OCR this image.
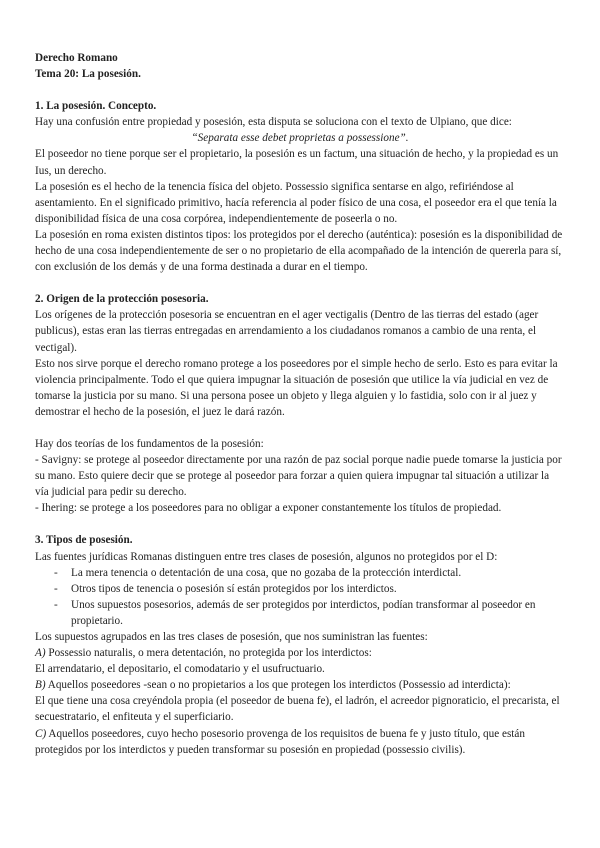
Derecho Romano

Tema 20: La posesión.

1. La posesión. Concepto.

Hay una confusión entre propiedad y posesión, esta disputa se soluciona con el texto de Ulpiano, que dice:

“Separata esse debet proprietas a possessione”.

El poseedor no tiene porque ser el propietario, la posesión es un factum, una situación de hecho, y la propiedad es un Ius, un derecho.

La posesión es el hecho de la tenencia física del objeto. Possessio significa sentarse en algo, refiriéndose al asentamiento. En el significado primitivo, hacía referencia al poder físico de una cosa, el poseedor era el que tenía la disponibilidad física de una cosa corpórea, independientemente de poseerla o no.

La posesión en roma existen distintos tipos: los protegidos por el derecho (auténtica): posesión es la disponibilidad de hecho de una cosa independientemente de ser o no propietario de ella acompañado de la intención de quererla para sí, con exclusión de los demás y de una forma destinada a durar en el tiempo.

2. Origen de la protección posesoria.

Los orígenes de la protección posesoria se encuentran en el ager vectigalis (Dentro de las tierras del estado (ager publicus), estas eran las tierras entregadas en arrendamiento a los ciudadanos romanos a cambio de una renta, el vectigal).

Esto nos sirve porque el derecho romano protege a los poseedores por el simple hecho de serlo. Esto es para evitar la violencia principalmente. Todo el que quiera impugnar la situación de posesión que utilice la vía judicial en vez de tomarse la justicia por su mano. Si una persona posee un objeto y llega alguien y lo fastidia, solo con ir al juez y demostrar el hecho de la posesión, el juez le dará razón.

Hay dos teorías de los fundamentos de la posesión:

- Savigny: se protege al poseedor directamente por una razón de paz social porque nadie puede tomarse la justicia por su mano. Esto quiere decir que se protege al poseedor para forzar a quien quiera impugnar tal situación a utilizar la vía judicial para pedir su derecho.

- Ihering: se protege a los poseedores para no obligar a exponer constantemente los títulos de propiedad.

3. Tipos de posesión.

Las fuentes jurídicas Romanas distinguen entre tres clases de posesión, algunos no protegidos por el D:

- La mera tenencia o detentación de una cosa, que no gozaba de la protección interdictal.
- Otros tipos de tenencia o posesión sí están protegidos por los interdictos.
- Unos supuestos posesorios, además de ser protegidos por interdictos, podían transformar al poseedor en propietario.

Los supuestos agrupados en las tres clases de posesión, que nos suministran las fuentes:

A) Possessio naturalis, o mera detentación, no protegida por los interdictos:

El arrendatario, el depositario, el comodatario y el usufructuario.

B) Aquellos poseedores -sean o no propietarios a los que protegen los interdictos (Possessio ad interdicta):

El que tiene una cosa creyéndola propia (el poseedor de buena fe), el ladrón, el acreedor pignoraticio, el precarista, el secuestratario, el enfiteuta y el superficiario.

C) Aquellos poseedores, cuyo hecho posesorio provenga de los requisitos de buena fe y justo título, que están protegidos por los interdictos y pueden transformar su posesión en propiedad (possessio civilis).
